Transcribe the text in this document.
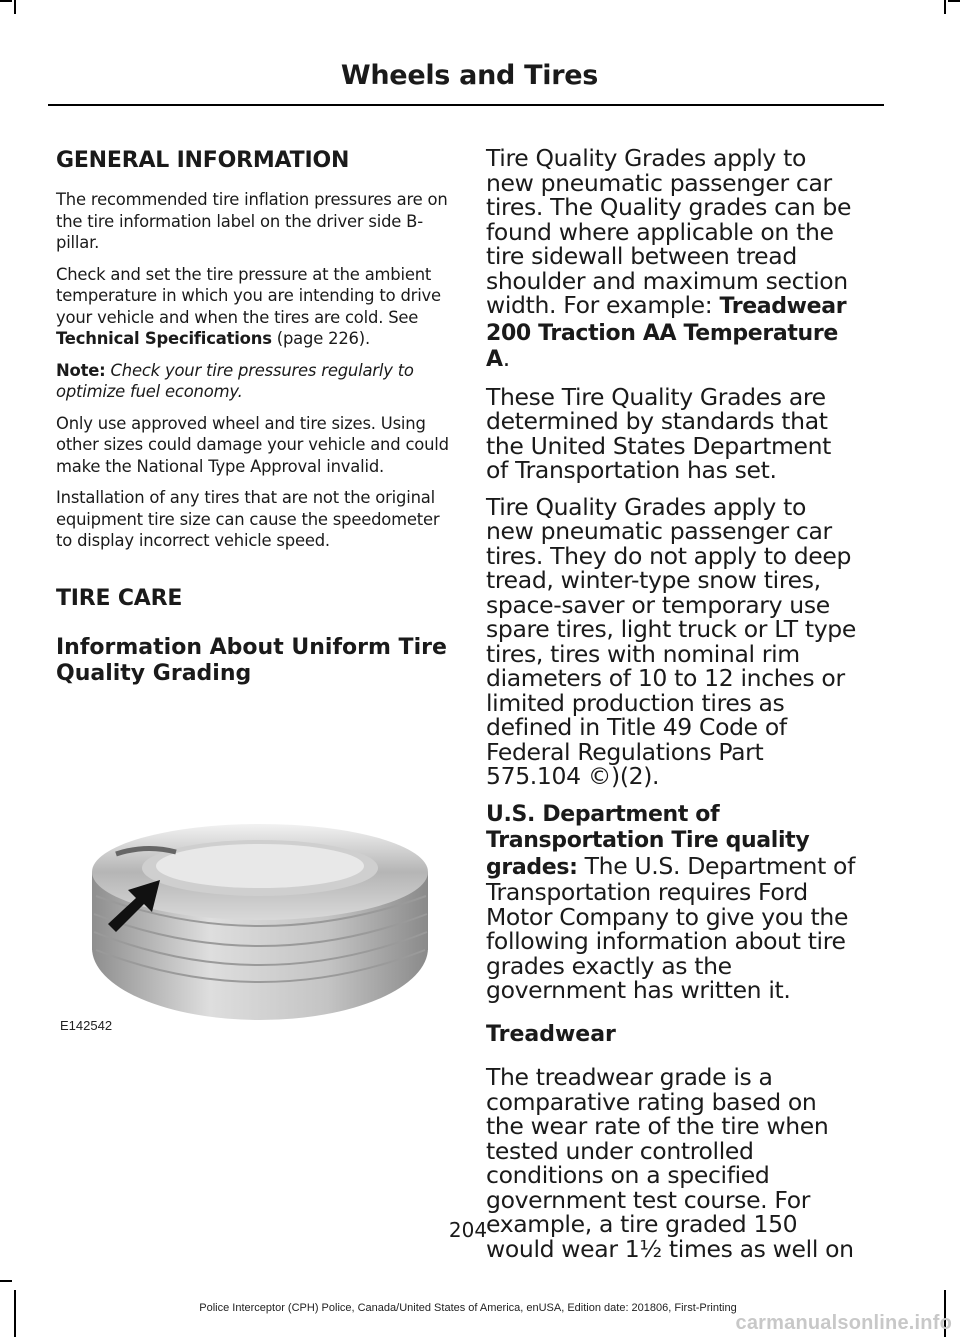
Wheels and Tires
GENERAL INFORMATION

The recommended tire inflation pressures are on the tire information label on the driver side B-pillar.

Check and set the tire pressure at the ambient temperature in which you are intending to drive your vehicle and when the tires are cold. See Technical Specifications (page 226).

Note: Check your tire pressures regularly to optimize fuel economy.

Only use approved wheel and tire sizes. Using other sizes could damage your vehicle and could make the National Type Approval invalid.

Installation of any tires that are not the original equipment tire size can cause the speedometer to display incorrect vehicle speed.

TIRE CARE
Information About Uniform Tire Quality Grading
E142542

Tire Quality Grades apply to new pneumatic passenger car tires. The Quality grades can be found where applicable on the tire sidewall between tread shoulder and maximum section width. For example: Treadwear 200 Traction AA Temperature A.

These Tire Quality Grades are determined by standards that the United States Department of Transportation has set.

Tire Quality Grades apply to new pneumatic passenger car tires. They do not apply to deep tread, winter-type snow tires, space-saver or temporary use spare tires, light truck or LT type tires, tires with nominal rim diameters of 10 to 12 inches or limited production tires as defined in Title 49 Code of Federal Regulations Part 575.104 ©)(2).

U.S. Department of Transportation Tire quality grades: The U.S. Department of Transportation requires Ford Motor Company to give you the following information about tire grades exactly as the government has written it.

Treadwear

The treadwear grade is a comparative rating based on the wear rate of the tire when tested under controlled conditions on a specified government test course. For example, a tire graded 150 would wear 1½ times as well on

204
Police Interceptor (CPH) Police, Canada/United States of America, enUSA, Edition date: 201806, First-Printing
carmanualsonline.info
